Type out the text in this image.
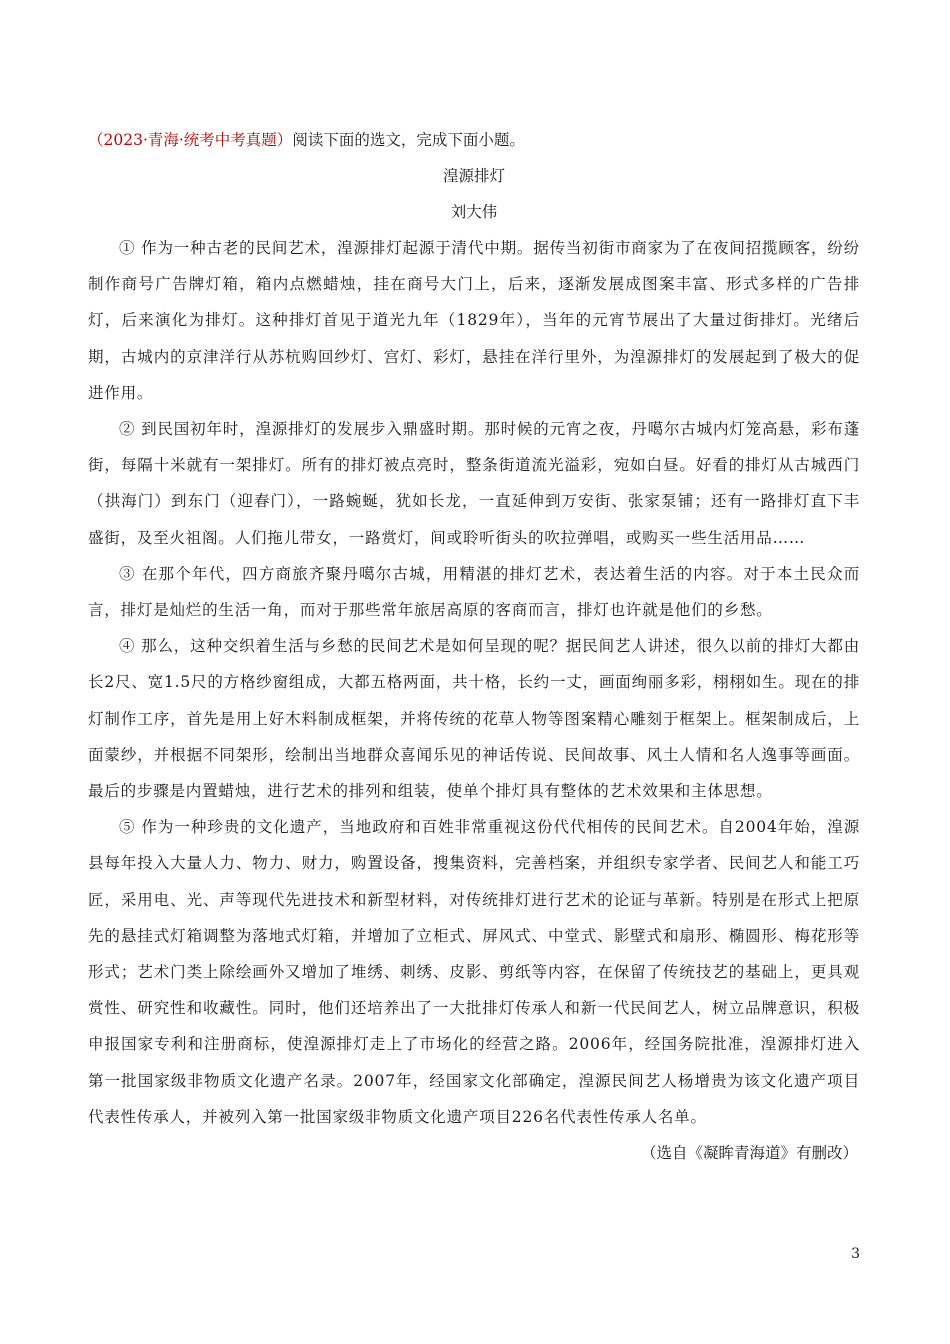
（2023·青海·统考中考真题）阅读下面的选文，完成下面小题。

湟源排灯

刘大伟

① 作为一种古老的民间艺术，湟源排灯起源于清代中期。据传当初街市商家为了在夜间招揽顾客，纷纷制作商号广告牌灯箱，箱内点燃蜡烛，挂在商号大门上，后来，逐渐发展成图案丰富、形式多样的广告排灯，后来演化为排灯。这种排灯首见于道光九年（1829年），当年的元宵节展出了大量过街排灯。光绪后期，古城内的京津洋行从苏杭购回纱灯、宫灯、彩灯，悬挂在洋行里外，为湟源排灯的发展起到了极大的促进作用。

② 到民国初年时，湟源排灯的发展步入鼎盛时期。那时候的元宵之夜，丹噶尔古城内灯笼高悬，彩布蓬街，每隔十米就有一架排灯。所有的排灯被点亮时，整条街道流光溢彩，宛如白昼。好看的排灯从古城西门（拱海门）到东门（迎春门），一路蜿蜒，犹如长龙，一直延伸到万安街、张家泵铺；还有一路排灯直下丰盛街，及至火祖阁。人们拖儿带女，一路赏灯，间或聆听街头的吹拉弹唱，或购买一些生活用品……

③ 在那个年代，四方商旅齐聚丹噶尔古城，用精湛的排灯艺术，表达着生活的内容。对于本土民众而言，排灯是灿烂的生活一角，而对于那些常年旅居高原的客商而言，排灯也许就是他们的乡愁。

④ 那么，这种交织着生活与乡愁的民间艺术是如何呈现的呢？据民间艺人讲述，很久以前的排灯大都由长2尺、宽1.5尺的方格纱窗组成，大都五格两面，共十格，长约一丈，画面绚丽多彩，栩栩如生。现在的排灯制作工序，首先是用上好木料制成框架，并将传统的花草人物等图案精心雕刻于框架上。框架制成后，上面蒙纱，并根据不同架形，绘制出当地群众喜闻乐见的神话传说、民间故事、风土人情和名人逸事等画面。最后的步骤是内置蜡烛，进行艺术的排列和组装，使单个排灯具有整体的艺术效果和主体思想。

⑤ 作为一种珍贵的文化遗产，当地政府和百姓非常重视这份代代相传的民间艺术。自2004年始，湟源县每年投入大量人力、物力、财力，购置设备，搜集资料，完善档案，并组织专家学者、民间艺人和能工巧匠，采用电、光、声等现代先进技术和新型材料，对传统排灯进行艺术的论证与革新。特别是在形式上把原先的悬挂式灯箱调整为落地式灯箱，并增加了立柜式、屏风式、中堂式、影壁式和扇形、椭圆形、梅花形等形式；艺术门类上除绘画外又增加了堆绣、刺绣、皮影、剪纸等内容，在保留了传统技艺的基础上，更具观赏性、研究性和收藏性。同时，他们还培养出了一大批排灯传承人和新一代民间艺人，树立品牌意识，积极申报国家专利和注册商标，使湟源排灯走上了市场化的经营之路。2006年，经国务院批准，湟源排灯进入第一批国家级非物质文化遗产名录。2007年，经国家文化部确定，湟源民间艺人杨增贵为该文化遗产项目代表性传承人，并被列入第一批国家级非物质文化遗产项目226名代表性传承人名单。

（选自《凝眸青海道》有删改）

3
